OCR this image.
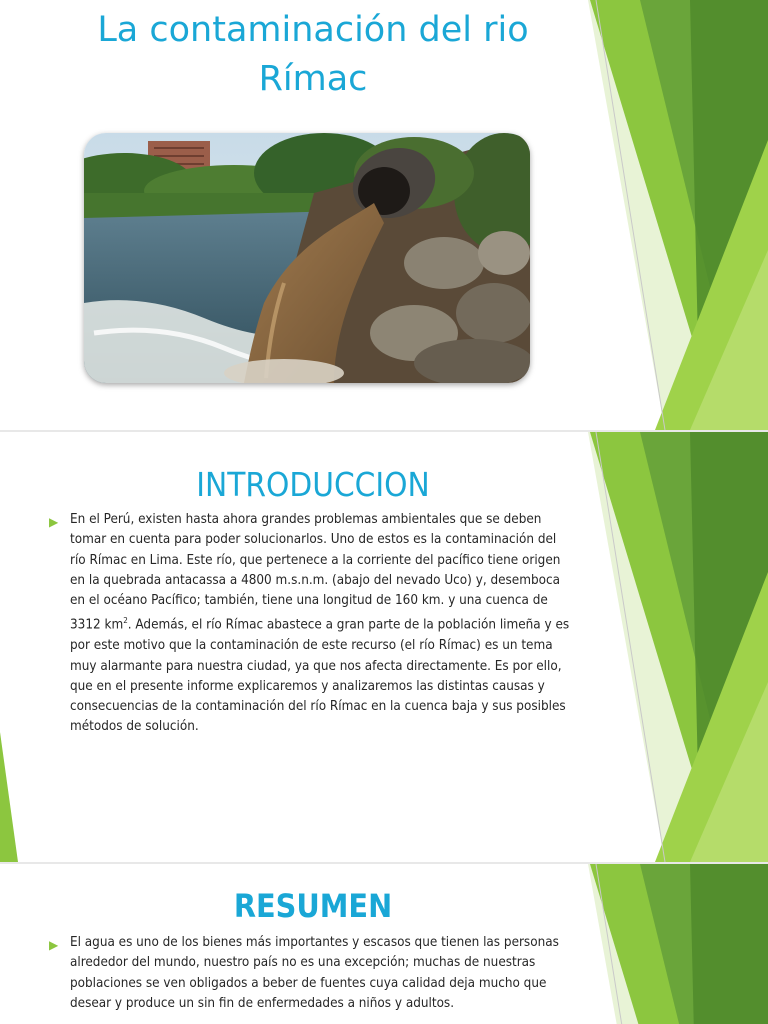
La contaminación del rio Rímac
INTRODUCCION
▶ En el Perú, existen hasta ahora grandes problemas ambientales que se deben tomar en cuenta para poder solucionarlos. Uno de estos es la contaminación del río Rímac en Lima. Este río, que pertenece a la corriente del pacífico tiene origen en la quebrada antacassa a 4800 m.s.n.m. (abajo del nevado Uco) y, desemboca en el océano Pacífico; también, tiene una longitud de 160 km. y una cuenca de 3312 $km^2$. Además, el río Rímac abastece a gran parte de la población limeña y es por este motivo que la contaminación de este recurso (el río Rímac) es un tema muy alarmante para nuestra ciudad, ya que nos afecta directamente. Es por ello, que en el presente informe explicaremos y analizaremos las distintas causas y consecuencias de la contaminación del río Rímac en la cuenca baja y sus posibles métodos de solución.

RESUMEN
▶ El agua es uno de los bienes más importantes y escasos que tienen las personas alrededor del mundo, nuestro país no es una excepción; muchas de nuestras poblaciones se ven obligados a beber de fuentes cuya calidad deja mucho que desear y produce un sin fin de enfermedades a niños y adultos.
